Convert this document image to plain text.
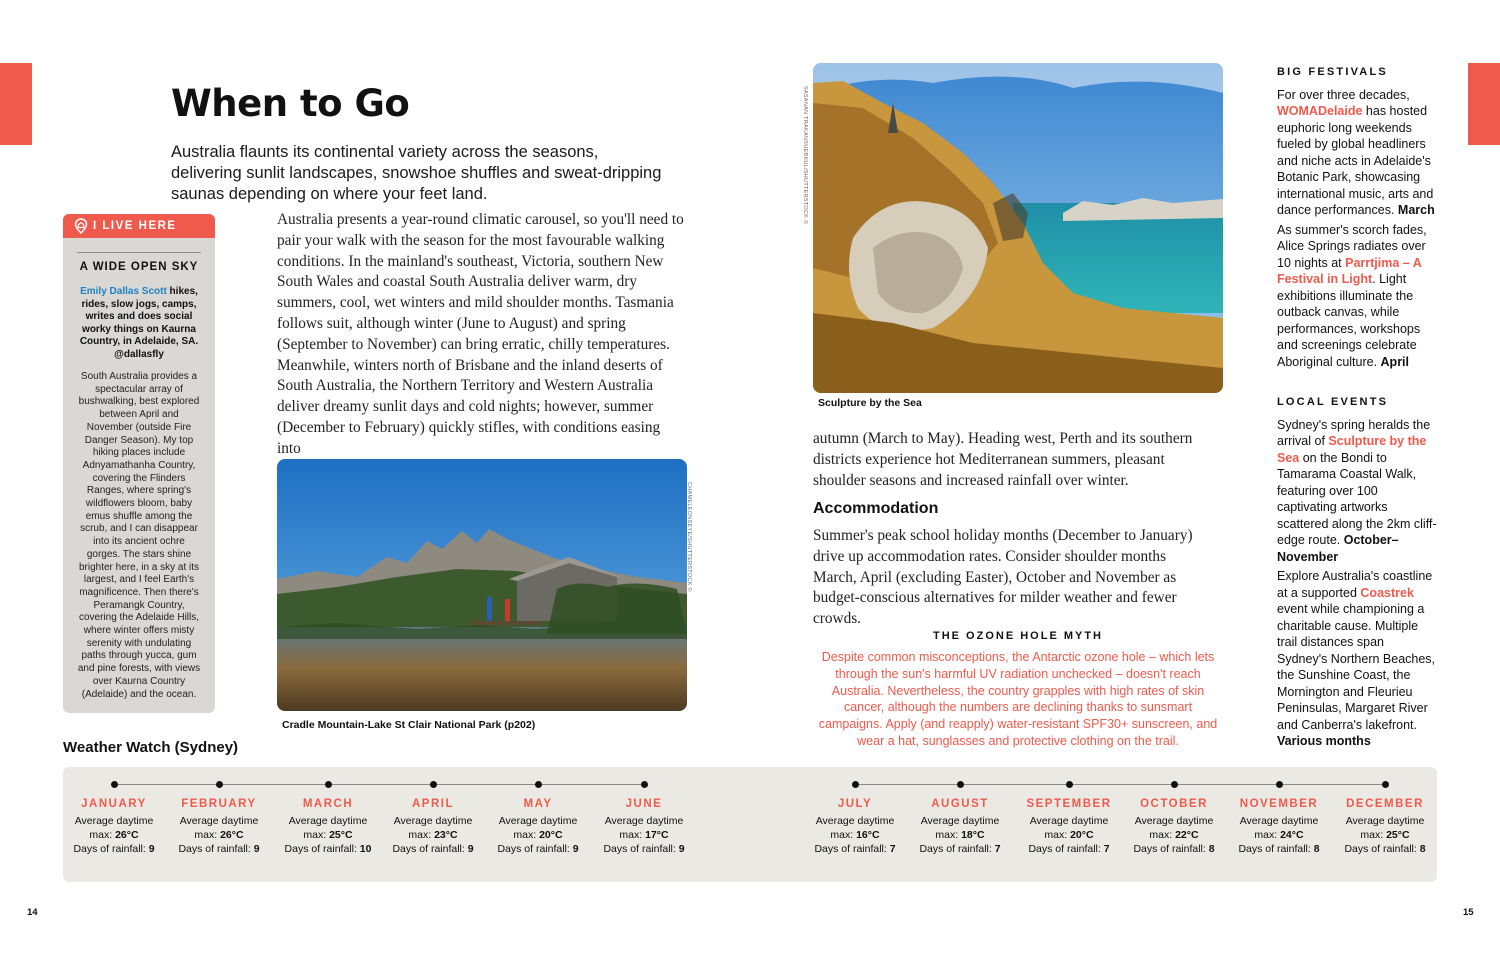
When to Go

Australia flaunts its continental variety across the seasons, delivering sunlit landscapes, snowshoe shuffles and sweat-dripping saunas depending on where your feet land.

I LIVE HERE
A WIDE OPEN SKY
Emily Dallas Scott hikes, rides, slow jogs, camps, writes and does social worky things on Kaurna Country, in Adelaide, SA. @dallasfly
South Australia provides a spectacular array of bushwalking, best explored between April and November (outside Fire Danger Season). My top hiking places include Adnyamathanha Country, covering the Flinders Ranges, where spring's wildflowers bloom, baby emus shuffle among the scrub, and I can disappear into its ancient ochre gorges. The stars shine brighter here, in a sky at its largest, and I feel Earth's magnificence. Then there's Peramangk Country, covering the Adelaide Hills, where winter offers misty serenity with undulating paths through yucca, gum and pine forests, with views over Kaurna Country (Adelaide) and the ocean.

Australia presents a year-round climatic carousel, so you'll need to pair your walk with the season for the most favourable walking conditions. In the mainland's southeast, Victoria, southern New South Wales and coastal South Australia deliver warm, dry summers, cool, wet winters and mild shoulder months. Tasmania follows suit, although winter (June to August) and spring (September to November) can bring erratic, chilly temperatures. Meanwhile, winters north of Brisbane and the inland deserts of South Australia, the Northern Territory and Western Australia deliver dreamy sunlit days and cold nights; however, summer (December to February) quickly stifles, with conditions easing into

Cradle Mountain-Lake St Clair National Park (p202)
CHAMELEONSEYE/SHUTTERSTOCK ©
Sculpture by the Sea
SASANAN TRAKANSUEBKUL/SHUTTERSTOCK ©

autumn (March to May). Heading west, Perth and its southern districts experience hot Mediterranean summers, pleasant shoulder seasons and increased rainfall over winter.

Accommodation

Summer's peak school holiday months (December to January) drive up accommodation rates. Consider shoulder months March, April (excluding Easter), October and November as budget-conscious alternatives for milder weather and fewer crowds.

THE OZONE HOLE MYTH

Despite common misconceptions, the Antarctic ozone hole – which lets through the sun's harmful UV radiation unchecked – doesn't reach Australia. Nevertheless, the country grapples with high rates of skin cancer, although the numbers are declining thanks to sunsmart campaigns. Apply (and reapply) water-resistant SPF30+ sunscreen, and wear a hat, sunglasses and protective clothing on the trail.

BIG FESTIVALS

For over three decades, WOMADelaide has hosted euphoric long weekends fueled by global headliners and niche acts in Adelaide's Botanic Park, showcasing international music, arts and dance performances. March

As summer's scorch fades, Alice Springs radiates over 10 nights at Parrtjima – A Festival in Light. Light exhibitions illuminate the outback canvas, while performances, workshops and screenings celebrate Aboriginal culture. April

LOCAL EVENTS

Sydney's spring heralds the arrival of Sculpture by the Sea on the Bondi to Tamarama Coastal Walk, featuring over 100 captivating artworks scattered along the 2km cliff-edge route. October–November

Explore Australia's coastline at a supported Coastrek event while championing a charitable cause. Multiple trail distances span Sydney's Northern Beaches, the Sunshine Coast, the Mornington and Fleurieu Peninsulas, Margaret River and Canberra's lakefront. Various months

Weather Watch (Sydney)
JANUARY
Average daytime
max: 26°C
Days of rainfall: 9
FEBRUARY
Average daytime
max: 26°C
Days of rainfall: 9
MARCH
Average daytime
max: 25°C
Days of rainfall: 10
APRIL
Average daytime
max: 23°C
Days of rainfall: 9
MAY
Average daytime
max: 20°C
Days of rainfall: 9
JUNE
Average daytime
max: 17°C
Days of rainfall: 9
JULY
Average daytime
max: 16°C
Days of rainfall: 7
AUGUST
Average daytime
max: 18°C
Days of rainfall: 7
SEPTEMBER
Average daytime
max: 20°C
Days of rainfall: 7
OCTOBER
Average daytime
max: 22°C
Days of rainfall: 8
NOVEMBER
Average daytime
max: 24°C
Days of rainfall: 8
DECEMBER
Average daytime
max: 25°C
Days of rainfall: 8
14	15
